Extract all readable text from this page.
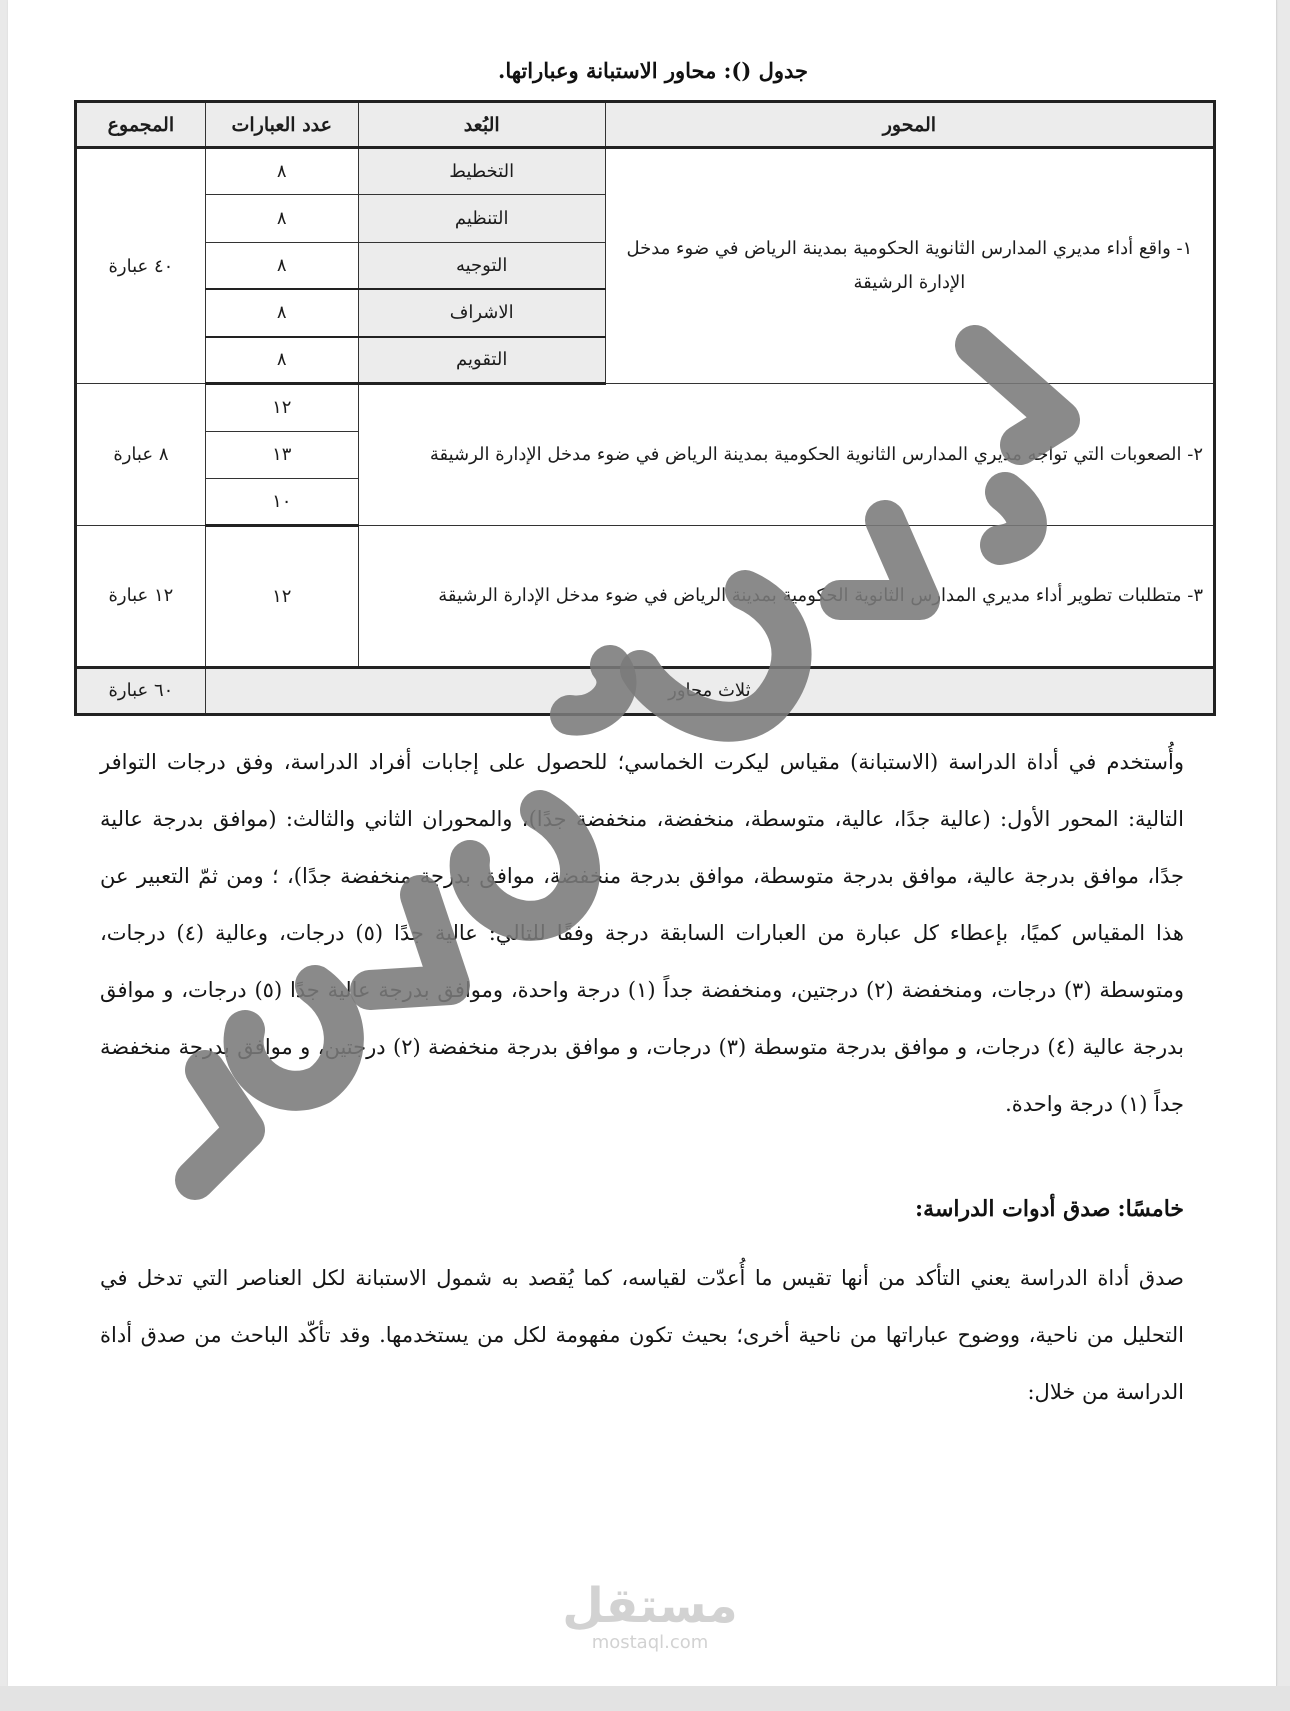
جدول (): محاور الاستبانة وعباراتها.
المحور	البُعد	عدد العبارات	المجموع
١- واقع أداء مديري المدارس الثانوية الحكومية بمدينة الرياض في ضوء مدخل الإدارة الرشيقة	التخطيط	٨	٤٠ عبارة
	التنظيم	٨	
	التوجيه	٨	
	الاشراف	٨	
	التقويم	٨	
٢- الصعوبات التي تواجه مديري المدارس الثانوية الحكومية بمدينة الرياض في ضوء مدخل الإدارة الرشيقة		١٢	٨ عبارة
		١٣	
		١٠	
٣- متطلبات تطوير أداء مديري المدارس الثانوية الحكومية بمدينة الرياض في ضوء مدخل الإدارة الرشيقة		١٢	١٢ عبارة
ثلاث محاور			٦٠ عبارة
وأُستخدم في أداة الدراسة (الاستبانة) مقياس ليكرت الخماسي؛ للحصول على إجابات أفراد الدراسة، وفق درجات التوافر التالية: المحور الأول: (عالية جدًا، عالية، متوسطة، منخفضة، منخفضة جدًا)، والمحوران الثاني والثالث: (موافق بدرجة عالية جدًا، موافق بدرجة عالية، موافق بدرجة متوسطة، موافق بدرجة منخفضة، موافق بدرجة منخفضة جدًا)، ؛ ومن ثمّ التعبير عن هذا المقياس كميًا، بإعطاء كل عبارة من العبارات السابقة درجة وفقًا للتالي: عالية جدًا (٥) درجات، وعالية (٤) درجات، ومتوسطة (٣) درجات، ومنخفضة (٢) درجتين، ومنخفضة جداً (١) درجة واحدة، وموافق بدرجة عالية جدًا (٥) درجات، و موافق بدرجة عالية (٤) درجات، و موافق بدرجة متوسطة (٣) درجات، و موافق بدرجة منخفضة (٢) درجتين، و موافق بدرجة منخفضة جداً (١) درجة واحدة.
خامسًا: صدق أدوات الدراسة:
صدق أداة الدراسة يعني التأكد من أنها تقيس ما أُعدّت لقياسه، كما يُقصد به شمول الاستبانة لكل العناصر التي تدخل في التحليل من ناحية، ووضوح عباراتها من ناحية أخرى؛ بحيث تكون مفهومة لكل من يستخدمها. وقد تأكّد الباحث من صدق أداة الدراسة من خلال:
مستقل
mostaql.com
